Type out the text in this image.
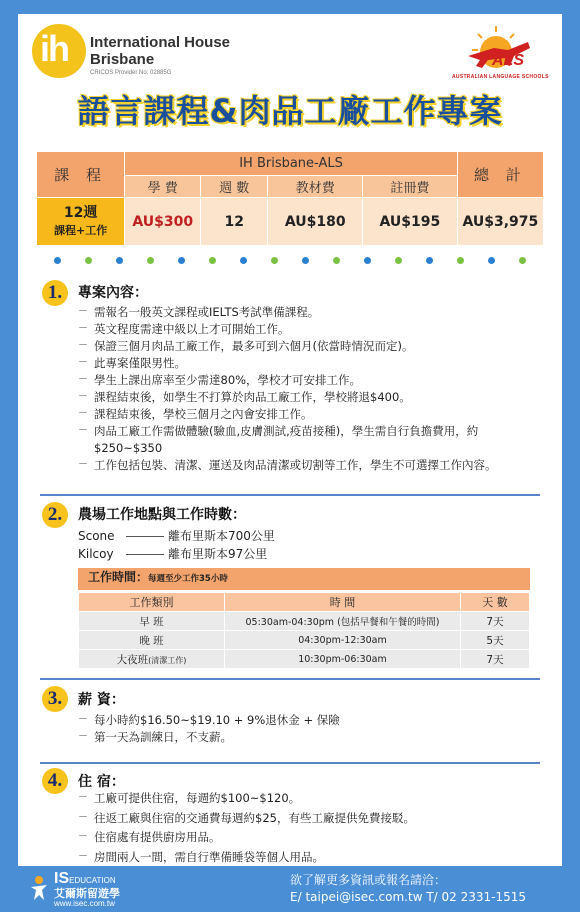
ih International House
Brisbane
CRICOS Provider No: 02885G
ALS
AUSTRALIAN LANGUAGE SCHOOLS
語言課程&肉品工廠工作專案
課 程	IH Brisbane-ALS				總 計
	學 費	週 數	教材費	註冊費	

12週
課程+工作	AU$300	12	AU$180	AU$195	AU$3,975
1.	專案內容：
－ 需報名一般英文課程或IELTS考試準備課程。
－ 英文程度需達中級以上才可開始工作。
－ 保證三個月肉品工廠工作，最多可到六個月(依當時情況而定)。
－ 此專案僅限男性。
－ 學生上課出席率至少需達80%，學校才可安排工作。
－ 課程結束後，如學生不打算於肉品工廠工作，學校將退$400。
－ 課程結束後，學校三個月之內會安排工作。
－ 肉品工廠工作需做體驗(驗血,皮膚測試,疫苗接種)，學生需自行負擔費用，約$250~$350
－ 工作包括包裝、清潔、運送及肉品清潔或切割等工作，學生不可選擇工作內容。
2.	農場工作地點與工作時數：
Scone	離布里斯本700公里
Kilcoy	離布里斯本97公里
工作時間：每週至少工作35小時
工作類別	時 間	天 數
早 班	05:30am-04:30pm (包括早餐和午餐的時間)	7天
晚 班	04:30pm-12:30am	5天
大夜班(清潔工作)	10:30pm-06:30am	7天
3.	薪 資：
－ 每小時約$16.50~$19.10 + 9%退休金 + 保險
－ 第一天為訓練日，不支薪。
4.	住 宿：
－ 工廠可提供住宿，每週約$100~$120。
－ 往返工廠與住宿的交通費每週約$25，有些工廠提供免費接駁。
－ 住宿處有提供廚房用品。
－ 房間兩人一間，需自行準備睡袋等個人用品。
ISEDUCATION
艾爾斯留遊學
www.isec.com.tw
欲了解更多資訊或報名請洽：
E/ taipei@isec.com.tw T/ 02 2331-1515
